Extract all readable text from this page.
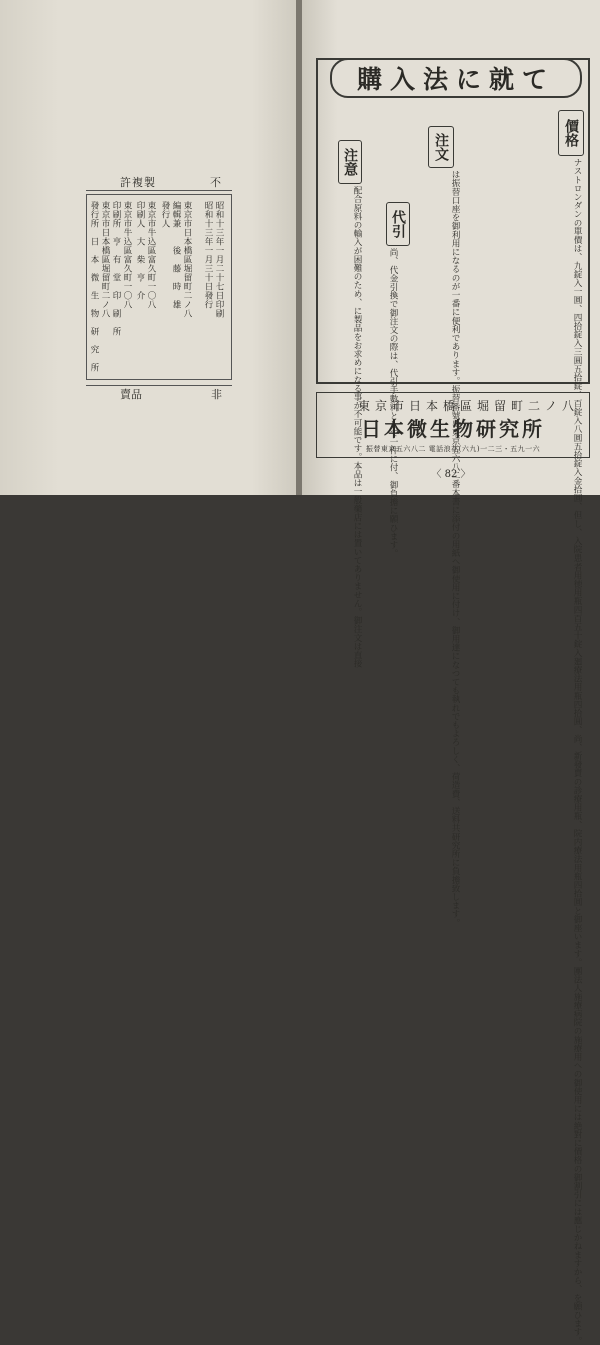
不
許複製
昭和十三年一月二十七日印刷
昭和十三年一月三十日發行
東京市日本橋區堀留町二ノ八
編輯兼　　後　藤　時　雄
發行人
東京市牛込區富久町一〇八
印刷人　大　柴　亨　介
東京市牛込區富久町一〇八
印刷所　亨　有　堂　印　刷　所
東京市日本橋區堀留町二ノ八
發行所　日　本　微　生　物　研　究　所
非
賣品
購入法に就て
價格
ナストロンダンの單價は、九錠入一圓、四拾錠入三圓五拾錠、百錠入八圓五拾錠入金拾圓、但し、入院患者用徳用瓶四百五十錠入廻療法用瓶四拾圓、尚、新發賣の診療用瓶、院内療法用瓶四拾圓と御座います。團法人施療病院の施療用への御使用には絶對に價格の御割引には應じかねますから、を願ひます。
注文
は振替口座を御利用になるのが一番に便利であります。振替番號は東京五六八二番本書に添付の用紙へ御使用に付け、御用達になつても執れでもよろしく、荷造費、送料共研究所に負擔致します。
代引
尚、代金引換で御注文の際は、代引手數料として一件に付、御負擔に願ひます。
注意
配合原料の輸入が困難のため、に製品をお求めになる事が不可能です。本品は一般藥店には置いてありません。御注文は直接
東京市日本橋區堀留町二ノ八
日本微生物研究所
振替東京五六八二 電話浪花(六九)一二三・五九一六
〈 82 〉
